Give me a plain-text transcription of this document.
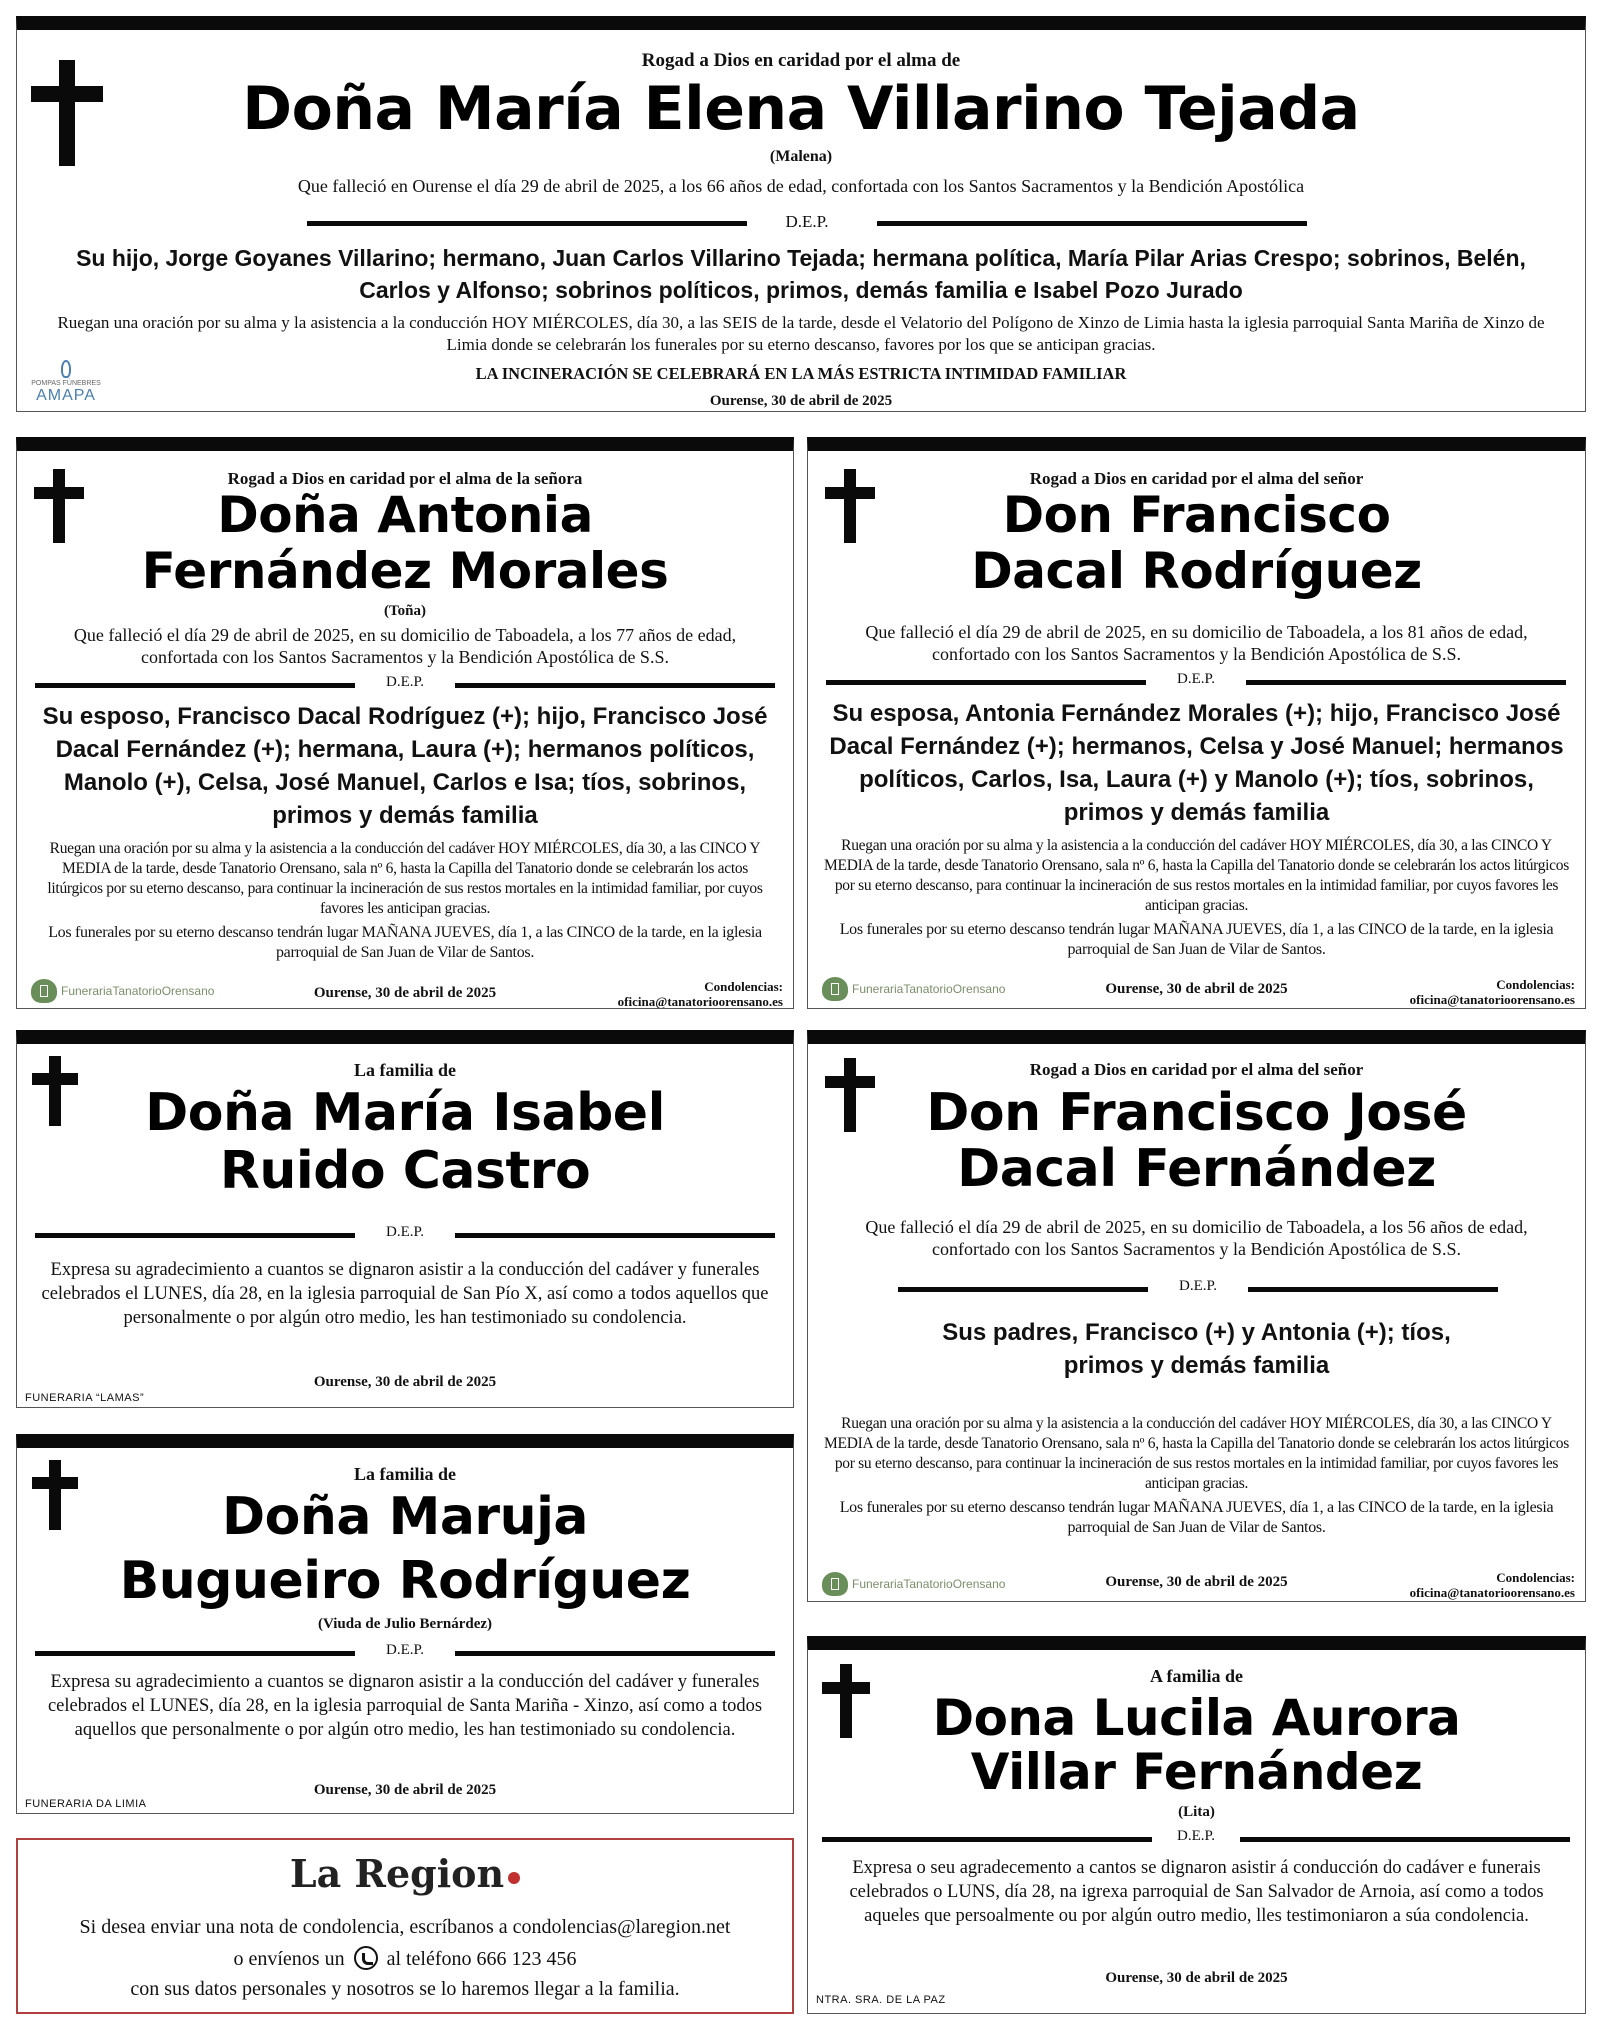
Rogad a Dios en caridad por el alma de
Doña María Elena Villarino Tejada
(Malena)
Que falleció en Ourense el día 29 de abril de 2025, a los 66 años de edad, confortada con los Santos Sacramentos y la Bendición Apostólica
D.E.P.
Su hijo, Jorge Goyanes Villarino; hermano, Juan Carlos Villarino Tejada; hermana política, María Pilar Arias Crespo; sobrinos, Belén, Carlos y Alfonso; sobrinos políticos, primos, demás familia e Isabel Pozo Jurado
Ruegan una oración por su alma y la asistencia a la conducción HOY MIÉRCOLES, día 30, a las SEIS de la tarde, desde el Velatorio del Polígono de Xinzo de Limia hasta la iglesia parroquial Santa Mariña de Xinzo de Limia donde se celebrarán los funerales por su eterno descanso, favores por los que se anticipan gracias.
LA INCINERACIÓN SE CELEBRARÁ EN LA MÁS ESTRICTA INTIMIDAD FAMILIAR
Ourense, 30 de abril de 2025
POMPAS FÚNEBRES
AMAPA
Rogad a Dios en caridad por el alma de la señora
Doña Antonia
Fernández Morales
(Toña)
Que falleció el día 29 de abril de 2025, en su domicilio de Taboadela, a los 77 años de edad, confortada con los Santos Sacramentos y la Bendición Apostólica de S.S.
D.E.P.
Su esposo, Francisco Dacal Rodríguez (+); hijo, Francisco José Dacal Fernández (+); hermana, Laura (+); hermanos políticos, Manolo (+), Celsa, José Manuel, Carlos e Isa; tíos, sobrinos, primos y demás familia
Ruegan una oración por su alma y la asistencia a la conducción del cadáver HOY MIÉRCOLES, día 30, a las CINCO Y MEDIA de la tarde, desde Tanatorio Orensano, sala nº 6, hasta la Capilla del Tanatorio donde se celebrarán los actos litúrgicos por su eterno descanso, para continuar la incineración de sus restos mortales en la intimidad familiar, por cuyos favores les anticipan gracias.
Los funerales por su eterno descanso tendrán lugar MAÑANA JUEVES, día 1, a las CINCO de la tarde, en la iglesia parroquial de San Juan de Vilar de Santos.
FunerariaTanatorioOrensano	Ourense, 30 de abril de 2025	Condolencias:
oficina@tanatorioorensano.es
Rogad a Dios en caridad por el alma del señor
Don Francisco
Dacal Rodríguez
Que falleció el día 29 de abril de 2025, en su domicilio de Taboadela, a los 81 años de edad, confortado con los Santos Sacramentos y la Bendición Apostólica de S.S.
D.E.P.
Su esposa, Antonia Fernández Morales (+); hijo, Francisco José Dacal Fernández (+); hermanos, Celsa y José Manuel; hermanos políticos, Carlos, Isa, Laura (+) y Manolo (+); tíos, sobrinos, primos y demás familia
Ruegan una oración por su alma y la asistencia a la conducción del cadáver HOY MIÉRCOLES, día 30, a las CINCO Y MEDIA de la tarde, desde Tanatorio Orensano, sala nº 6, hasta la Capilla del Tanatorio donde se celebrarán los actos litúrgicos por su eterno descanso, para continuar la incineración de sus restos mortales en la intimidad familiar, por cuyos favores les anticipan gracias.
Los funerales por su eterno descanso tendrán lugar MAÑANA JUEVES, día 1, a las CINCO de la tarde, en la iglesia parroquial de San Juan de Vilar de Santos.
FunerariaTanatorioOrensano	Ourense, 30 de abril de 2025	Condolencias:
oficina@tanatorioorensano.es
La familia de
Doña María Isabel
Ruido Castro
D.E.P.
Expresa su agradecimiento a cuantos se dignaron asistir a la conducción del cadáver y funerales celebrados el LUNES, día 28, en la iglesia parroquial de San Pío X, así como a todos aquellos que personalmente o por algún otro medio, les han testimoniado su condolencia.
Ourense, 30 de abril de 2025
FUNERARIA “LAMAS”
Rogad a Dios en caridad por el alma del señor
Don Francisco José
Dacal Fernández
Que falleció el día 29 de abril de 2025, en su domicilio de Taboadela, a los 56 años de edad, confortado con los Santos Sacramentos y la Bendición Apostólica de S.S.
D.E.P.
Sus padres, Francisco (+) y Antonia (+); tíos, primos y demás familia
Ruegan una oración por su alma y la asistencia a la conducción del cadáver HOY MIÉRCOLES, día 30, a las CINCO Y MEDIA de la tarde, desde Tanatorio Orensano, sala nº 6, hasta la Capilla del Tanatorio donde se celebrarán los actos litúrgicos por su eterno descanso, para continuar la incineración de sus restos mortales en la intimidad familiar, por cuyos favores les anticipan gracias.
Los funerales por su eterno descanso tendrán lugar MAÑANA JUEVES, día 1, a las CINCO de la tarde, en la iglesia parroquial de San Juan de Vilar de Santos.
FunerariaTanatorioOrensano	Ourense, 30 de abril de 2025	Condolencias:
oficina@tanatorioorensano.es
La familia de
Doña Maruja
Bugueiro Rodríguez
(Viuda de Julio Bernárdez)
D.E.P.
Expresa su agradecimiento a cuantos se dignaron asistir a la conducción del cadáver y funerales celebrados el LUNES, día 28, en la iglesia parroquial de Santa Mariña - Xinzo, así como a todos aquellos que personalmente o por algún otro medio, les han testimoniado su condolencia.
Ourense, 30 de abril de 2025
FUNERARIA DA LIMIA
A familia de
Dona Lucila Aurora
Villar Fernández
(Lita)
D.E.P.
Expresa o seu agradecemento a cantos se dignaron asistir á conducción do cadáver e funerais celebrados o LUNS, día 28, na igrexa parroquial de San Salvador de Arnoia, así como a todos aqueles que persoalmente ou por algún outro medio, lles testimoniaron a súa condolencia.
Ourense, 30 de abril de 2025
NTRA. SRA. DE LA PAZ
La Region
Si desea enviar una nota de condolencia, escríbanos a condolencias@laregion.net
o envíenos un al teléfono 666 123 456
con sus datos personales y nosotros se lo haremos llegar a la familia.
